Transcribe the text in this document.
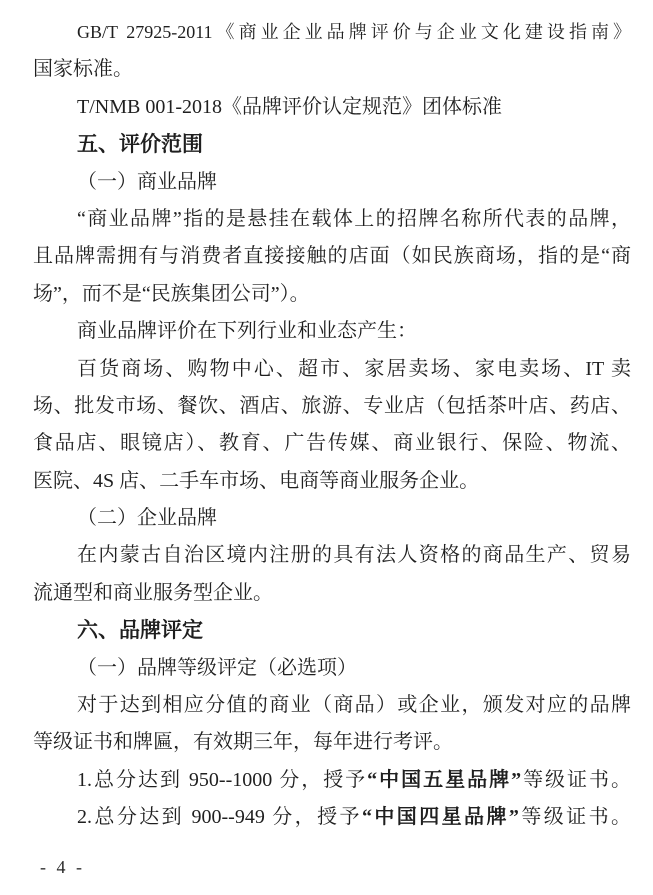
GB/T 27925-2011《商业企业品牌评价与企业文化建设指南》
国家标准。
T/NMB 001-2018《品牌评价认定规范》团体标准
五、评价范围
（一）商业品牌
“商业品牌”指的是悬挂在载体上的招牌名称所代表的品牌，
且品牌需拥有与消费者直接接触的店面（如民族商场，指的是“商
场”，而不是“民族集团公司”）。
商业品牌评价在下列行业和业态产生：
百货商场、购物中心、超市、家居卖场、家电卖场、IT 卖
场、批发市场、餐饮、酒店、旅游、专业店（包括茶叶店、药店、
食品店、眼镜店）、教育、广告传媒、商业银行、保险、物流、
医院、4S 店、二手车市场、电商等商业服务企业。
（二）企业品牌
在内蒙古自治区境内注册的具有法人资格的商品生产、贸易
流通型和商业服务型企业。
六、品牌评定
（一）品牌等级评定（必选项）
对于达到相应分值的商业（商品）或企业，颁发对应的品牌
等级证书和牌匾，有效期三年，每年进行考评。
1.总分达到 950--1000 分，授予“中国五星品牌”等级证书。
2.总分达到 900--949 分，授予“中国四星品牌”等级证书。
- 4 -
